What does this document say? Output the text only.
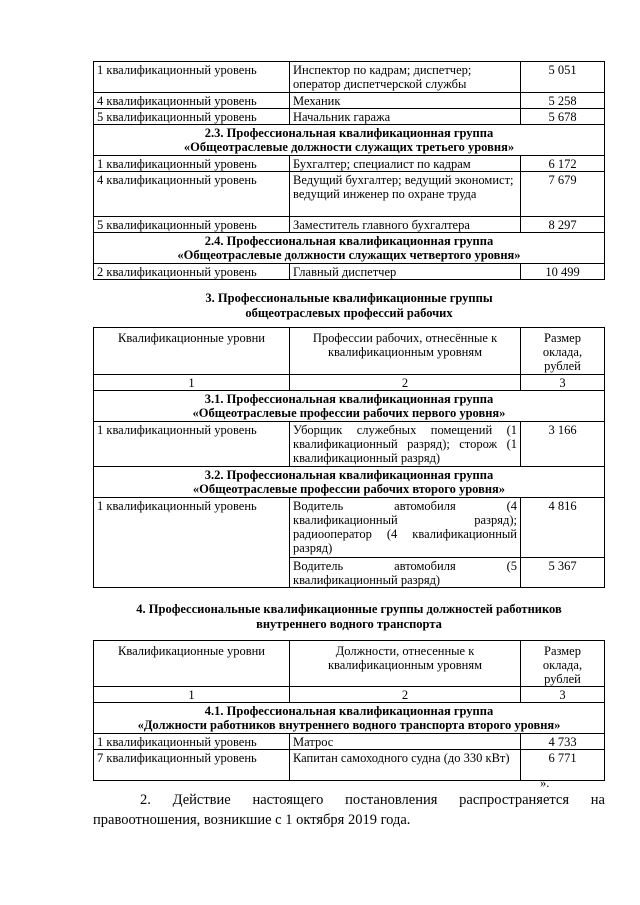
1 квалификационный уровень	Инспектор по кадрам; диспетчер; оператор диспетчерской службы	5 051
4 квалификационный уровень	Механик	5 258
5 квалификационный уровень	Начальник гаража	5 678

2.3. Профессиональная квалификационная группа
«Общеотраслевые должности служащих третьего уровня»		

1 квалификационный уровень	Бухгалтер; специалист по кадрам	6 172
4 квалификационный уровень	Ведущий бухгалтер; ведущий экономист; ведущий инженер по охране труда	7 679
5 квалификационный уровень	Заместитель главного бухгалтера	8 297

2.4. Профессиональная квалификационная группа
«Общеотраслевые должности служащих четвертого уровня»		

2 квалификационный уровень	Главный диспетчер	10 499
3. Профессиональные квалификационные группы
общеотраслевых профессий рабочих
Квалификационные уровни	Профессии рабочих, отнесённые к квалификационным уровням	Размер оклада, рублей
1	2	3

3.1. Профессиональная квалификационная группа
«Общеотраслевые профессии рабочих первого уровня»		

1 квалификационный уровень	Уборщик служебных помещений (1 квалификационный разряд); сторож (1 квалификационный разряд)	3 166

3.2. Профессиональная квалификационная группа
«Общеотраслевые профессии рабочих второго уровня»		

1 квалификационный уровень	Водитель автомобиля (4 квалификационный разряд); радиооператор (4 квалификационный разряд)	4 816
	Водитель автомобиля (5 квалификационный разряд)	5 367
4. Профессиональные квалификационные группы должностей работников
внутреннего водного транспорта
Квалификационные уровни	Должности, отнесенные к квалификационным уровням	Размер оклада, рублей
1	2	3

4.1. Профессиональная квалификационная группа
«Должности работников внутреннего водного транспорта второго уровня»		

1 квалификационный уровень	Матрос	4 733
7 квалификационный уровень	Капитан самоходного судна (до 330 кВт)	6 771
».
2. Действие настоящего постановления распространяется на
правоотношения, возникшие с 1 октября 2019 года.
